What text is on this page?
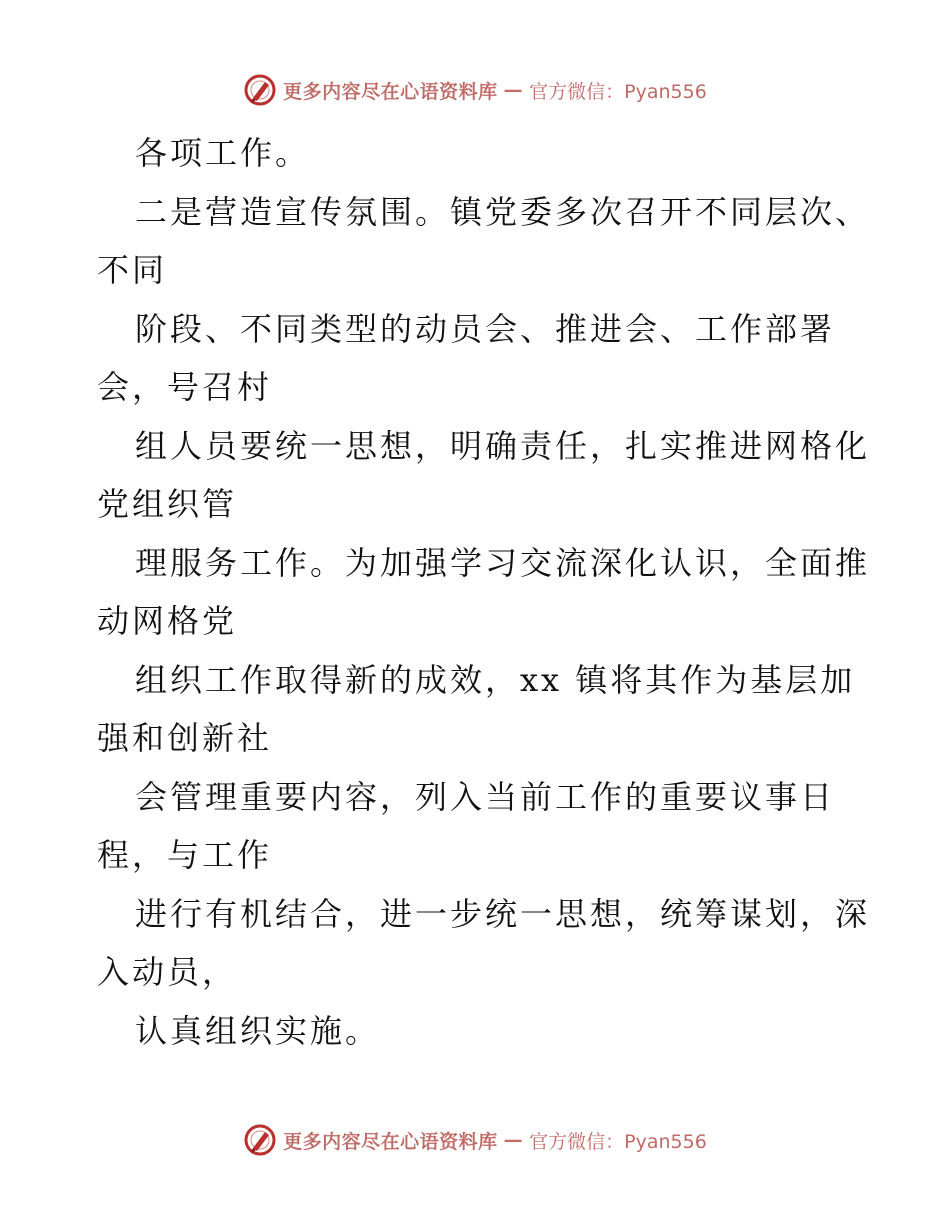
更多内容尽在心语资料库 — 官方微信：Pyan556
各项工作。
二是营造宣传氛围。镇党委多次召开不同层次、
不同
阶段、不同类型的动员会、推进会、工作部署
会，号召村
组人员要统一思想，明确责任，扎实推进网格化
党组织管
理服务工作。为加强学习交流深化认识，全面推
动网格党
组织工作取得新的成效，xx 镇将其作为基层加
强和创新社
会管理重要内容，列入当前工作的重要议事日
程，与工作
进行有机结合，进一步统一思想，统筹谋划，深
入动员，
认真组织实施。
更多内容尽在心语资料库 — 官方微信：Pyan556
